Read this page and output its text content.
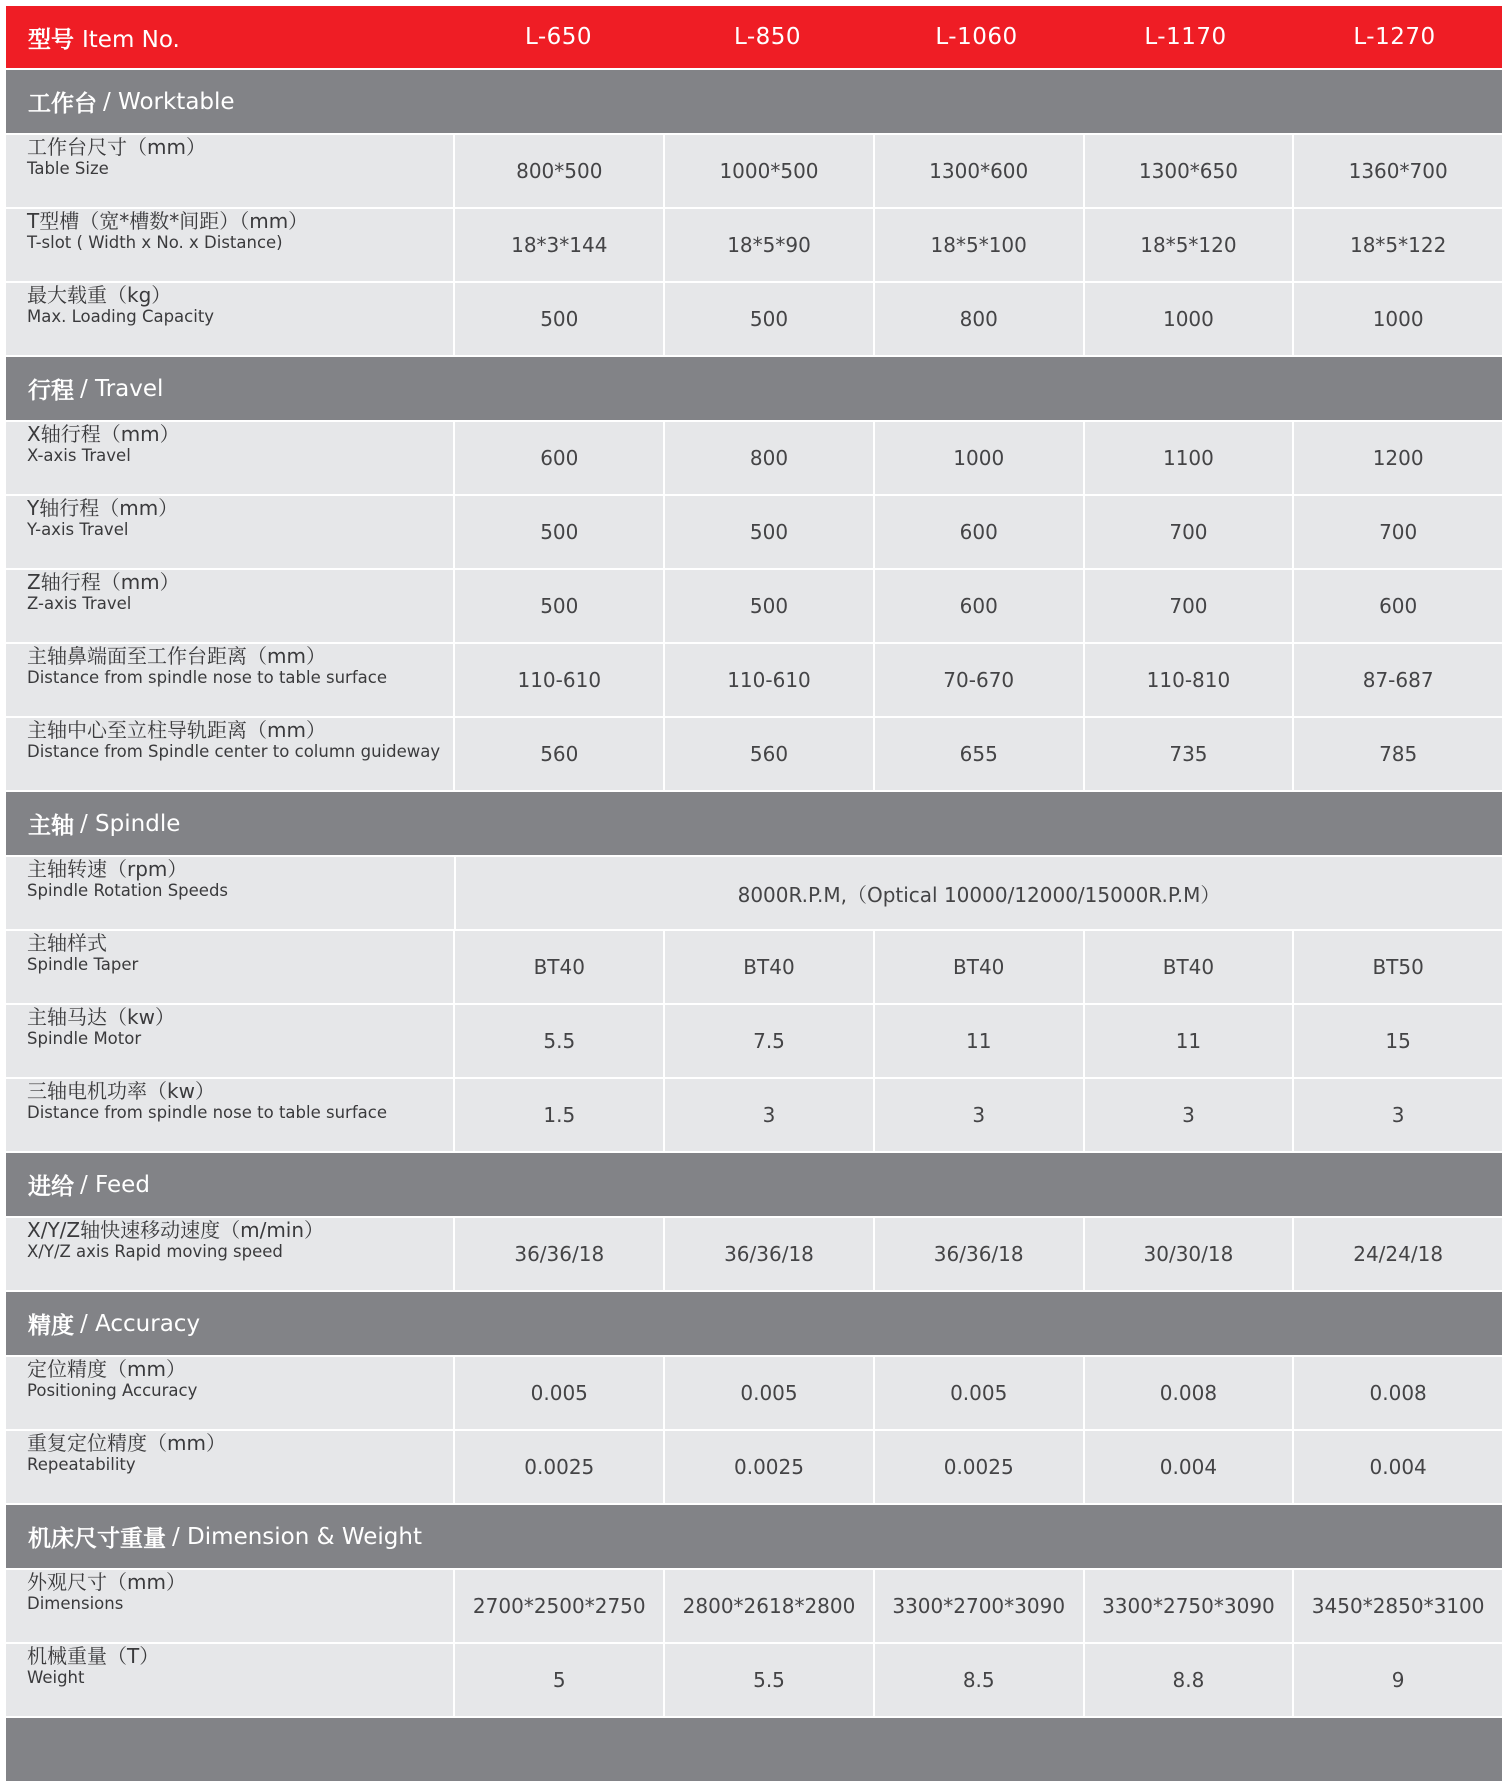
型号 Item No.	L-650	L-850	L-1060	L-1170	L-1270
工作台 / Worktable
工作台尺寸（mm）
Table Size	800*500	1000*500	1300*600	1300*650	1360*700
T型槽（宽*槽数*间距）（mm）
T-slot ( Width x No. x Distance)	18*3*144	18*5*90	18*5*100	18*5*120	18*5*122
最大载重（kg）
Max. Loading Capacity	500	500	800	1000	1000
行程 / Travel
X轴行程（mm）
X-axis Travel	600	800	1000	1100	1200
Y轴行程（mm）
Y-axis Travel	500	500	600	700	700
Z轴行程（mm）
Z-axis Travel	500	500	600	700	600
主轴鼻端面至工作台距离（mm）
Distance from spindle nose to table surface	110-610	110-610	70-670	110-810	87-687
主轴中心至立柱导轨距离（mm）
Distance from Spindle center to column guideway	560	560	655	735	785
主轴 / Spindle
主轴转速（rpm）
Spindle Rotation Speeds	8000R.P.M,（Optical 10000/12000/15000R.P.M）
主轴样式
Spindle Taper	BT40	BT40	BT40	BT40	BT50
主轴马达（kw）
Spindle Motor	5.5	7.5	11	11	15
三轴电机功率（kw）
Distance from spindle nose to table surface	1.5	3	3	3	3
进给 / Feed
X/Y/Z轴快速移动速度（m/min）
X/Y/Z axis Rapid moving speed	36/36/18	36/36/18	36/36/18	30/30/18	24/24/18
精度 / Accuracy
定位精度（mm）
Positioning Accuracy	0.005	0.005	0.005	0.008	0.008
重复定位精度（mm）
Repeatability	0.0025	0.0025	0.0025	0.004	0.004
机床尺寸重量 / Dimension & Weight
外观尺寸（mm）
Dimensions	2700*2500*2750	2800*2618*2800	3300*2700*3090	3300*2750*3090	3450*2850*3100
机械重量（T）
Weight	5	5.5	8.5	8.8	9
